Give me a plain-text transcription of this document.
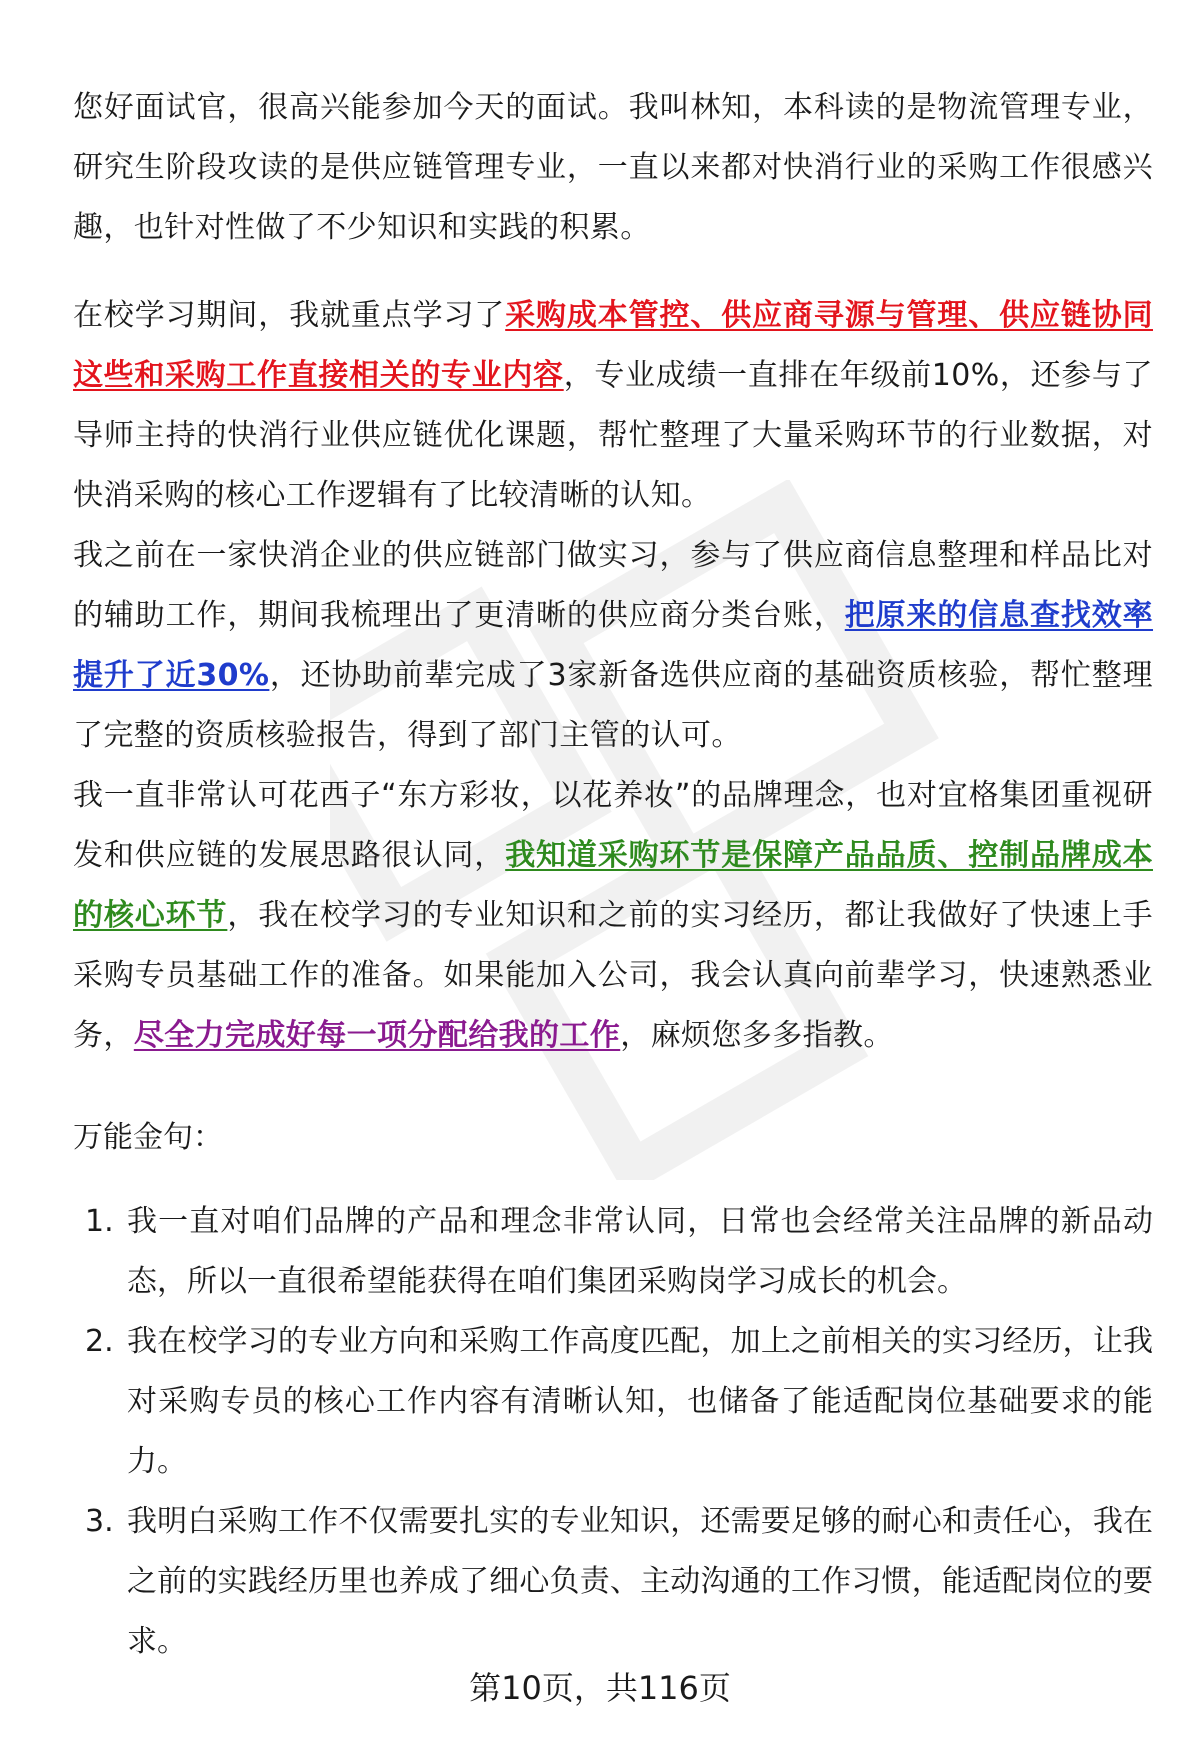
您好面试官，很高兴能参加今天的面试。我叫林知，本科读的是物流管理专业，研究生阶段攻读的是供应链管理专业，一直以来都对快消行业的采购工作很感兴趣，也针对性做了不少知识和实践的积累。

在校学习期间，我就重点学习了采购成本管控、供应商寻源与管理、供应链协同这些和采购工作直接相关的专业内容，专业成绩一直排在年级前10%，还参与了导师主持的快消行业供应链优化课题，帮忙整理了大量采购环节的行业数据，对快消采购的核心工作逻辑有了比较清晰的认知。

我之前在一家快消企业的供应链部门做实习，参与了供应商信息整理和样品比对的辅助工作，期间我梳理出了更清晰的供应商分类台账，把原来的信息查找效率提升了近30%，还协助前辈完成了3家新备选供应商的基础资质核验，帮忙整理了完整的资质核验报告，得到了部门主管的认可。

我一直非常认可花西子“东方彩妆，以花养妆”的品牌理念，也对宜格集团重视研发和供应链的发展思路很认同，我知道采购环节是保障产品品质、控制品牌成本的核心环节，我在校学习的专业知识和之前的实习经历，都让我做好了快速上手采购专员基础工作的准备。如果能加入公司，我会认真向前辈学习，快速熟悉业务，尽全力完成好每一项分配给我的工作，麻烦您多多指教。

万能金句：
1. 我一直对咱们品牌的产品和理念非常认同，日常也会经常关注品牌的新品动态，所以一直很希望能获得在咱们集团采购岗学习成长的机会。
2. 我在校学习的专业方向和采购工作高度匹配，加上之前相关的实习经历，让我对采购专员的核心工作内容有清晰认知，也储备了能适配岗位基础要求的能力。
3. 我明白采购工作不仅需要扎实的专业知识，还需要足够的耐心和责任心，我在之前的实践经历里也养成了细心负责、主动沟通的工作习惯，能适配岗位的要求。
第10页，共116页
